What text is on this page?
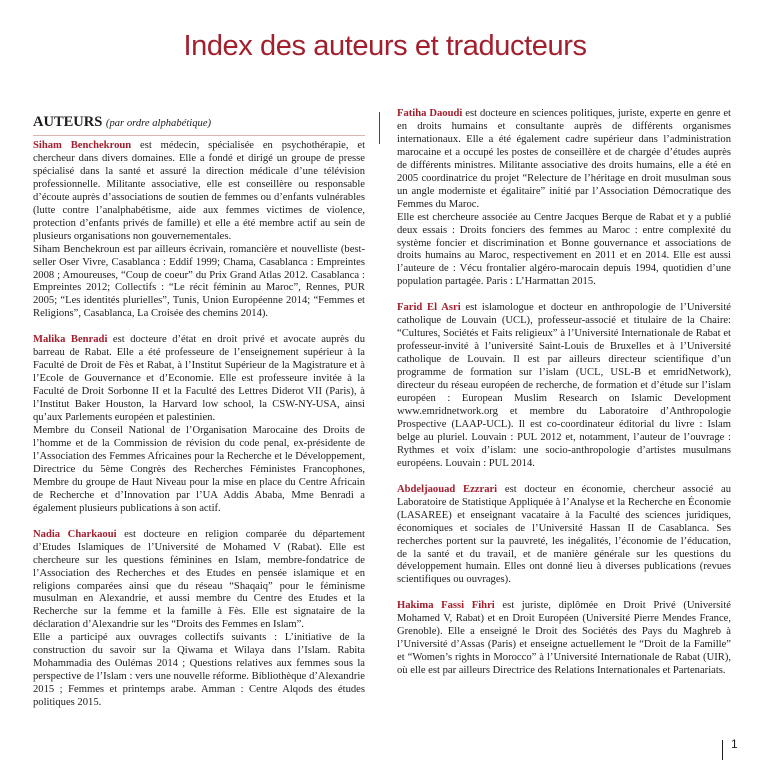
Index des auteurs et traducteurs
AUTEURS (par ordre alphabétique)

Siham Benchekroun est médecin, spécialisée en psychothérapie, et chercheur dans divers domaines. Elle a fondé et dirigé un groupe de presse spécialisé dans la santé et assuré la direction médicale d’une télévision professionnelle. Militante associative, elle est conseillère ou responsable d’écoute auprès d’associations de soutien de femmes ou d’enfants vulnérables (lutte contre l’analphabétisme, aide aux femmes victimes de violence, protection d’enfants privés de famille) et elle a été membre actif au sein de plusieurs organisations non gouvernementales.

Siham Benchekroun est par ailleurs écrivain, romancière et nouvelliste (best-seller Oser Vivre, Casablanca : Eddif 1999; Chama, Casablanca : Empreintes 2008 ; Amoureuses, “Coup de coeur” du Prix Grand Atlas 2012. Casablanca : Empreintes 2012; Collectifs : “Le récit féminin au Maroc”, Rennes, PUR 2005; “Les identités plurielles”, Tunis, Union Européenne 2014; “Femmes et Religions”, Casablanca, La Croisée des chemins 2014).

Malika Benradi est docteure d’état en droit privé et avocate auprès du barreau de Rabat. Elle a été professeure de l’enseignement supérieur à la Faculté de Droit de Fès et Rabat, à l’Institut Supérieur de la Magistrature et à l’Ecole de Gouvernance et d’Economie. Elle est professeure invitée à la Faculté de Droit Sorbonne II et la Faculté des Lettres Diderot VII (Paris), à l’Institut Baker Houston, la Harvard low school, la CSW-NY-USA, ainsi qu’aux Parlements européen et palestinien.

Membre du Conseil National de l’Organisation Marocaine des Droits de l’homme et de la Commission de révision du code penal, ex-présidente de l’Association des Femmes Africaines pour la Recherche et le Développement, Directrice du 5ème Congrès des Recherches Féministes Francophones, Membre du groupe de Haut Niveau pour la mise en place du Centre Africain de Recherche et d’Innovation par l’UA Addis Ababa, Mme Benradi a également plusieurs publications à son actif.

Nadia Charkaoui est docteure en religion comparée du département d’Etudes Islamiques de l’Université de Mohamed V (Rabat). Elle est chercheure sur les questions féminines en Islam, membre-fondatrice de l’Association des Recherches et des Etudes en pensée islamique et en religions comparées ainsi que du réseau “Shaqaiq” pour le féminisme musulman en Alexandrie, et aussi membre du Centre des Etudes et la Recherche sur la femme et la famille à Fès. Elle est signataire de la déclaration d’Alexandrie sur les “Droits des Femmes en Islam”.

Elle a participé aux ouvrages collectifs suivants : L’initiative de la construction du savoir sur la Qiwama et Wilaya dans l’Islam. Rabita Mohammadia des Oulémas 2014 ; Questions relatives aux femmes sous la perspective de l’Islam : vers une nouvelle réforme. Bibliothèque d’Alexandrie 2015 ; Femmes et printemps arabe. Amman : Centre Alqods des études politiques 2015.

Fatiha Daoudi est docteure en sciences politiques, juriste, experte en genre et en droits humains et consultante auprès de différents organismes internationaux. Elle a été également cadre supérieur dans l’administration marocaine et a occupé les postes de conseillère et de chargée d’études auprès de différents ministres. Militante associative des droits humains, elle a été en 2005 coordinatrice du projet “Relecture de l’héritage en droit musulman sous un angle moderniste et égalitaire” initié par l’Association Démocratique des Femmes du Maroc.

Elle est chercheure associée au Centre Jacques Berque de Rabat et y a publié deux essais : Droits fonciers des femmes au Maroc : entre complexité du système foncier et discrimination et Bonne gouvernance et associations de droits humains au Maroc, respectivement en 2011 et en 2014. Elle est aussi l’auteure de : Vécu frontalier algéro-marocain depuis 1994, quotidien d’une population partagée. Paris : L’Harmattan 2015.

Farid El Asri est islamologue et docteur en anthropologie de l’Université catholique de Louvain (UCL), professeur-associé et titulaire de la Chaire: “Cultures, Sociétés et Faits religieux” à l’Université Internationale de Rabat et professeur-invité à l’université Saint-Louis de Bruxelles et à l’Université catholique de Louvain. Il est par ailleurs directeur scientifique d’un programme de formation sur l’islam (UCL, USL-B et emridNetwork), directeur du réseau européen de recherche, de formation et d’étude sur l’islam européen : European Muslim Research on Islamic Development www.emridnetwork.org et membre du Laboratoire d’Anthropologie Prospective (LAAP-UCL). Il est co-coordinateur éditorial du livre : Islam belge au pluriel. Louvain : PUL 2012 et, notamment, l’auteur de l’ouvrage : Rythmes et voix d’islam: une socio-anthropologie d’artistes musulmans européens. Louvain : PUL 2014.

Abdeljaouad Ezzrari est docteur en économie, chercheur associé au Laboratoire de Statistique Appliquée à l’Analyse et la Recherche en Économie (LASAREE) et enseignant vacataire à la Faculté des sciences juridiques, économiques et sociales de l’Université Hassan II de Casablanca. Ses recherches portent sur la pauvreté, les inégalités, l’économie de l’éducation, de la santé et du travail, et de manière générale sur les questions du développement humain. Elles ont donné lieu à diverses publications (revues scientifiques ou ouvrages).

Hakima Fassi Fihri est juriste, diplômée en Droit Privé (Université Mohamed V, Rabat) et en Droit Européen (Université Pierre Mendes France, Grenoble). Elle a enseigné le Droit des Sociétés des Pays du Maghreb à l’Université d’Assas (Paris) et enseigne actuellement le “Droit de la Famille” et “Women’s rights in Morocco” à l’Université Internationale de Rabat (UIR), où elle est par ailleurs Directrice des Relations Internationales et Partenariats.

1
